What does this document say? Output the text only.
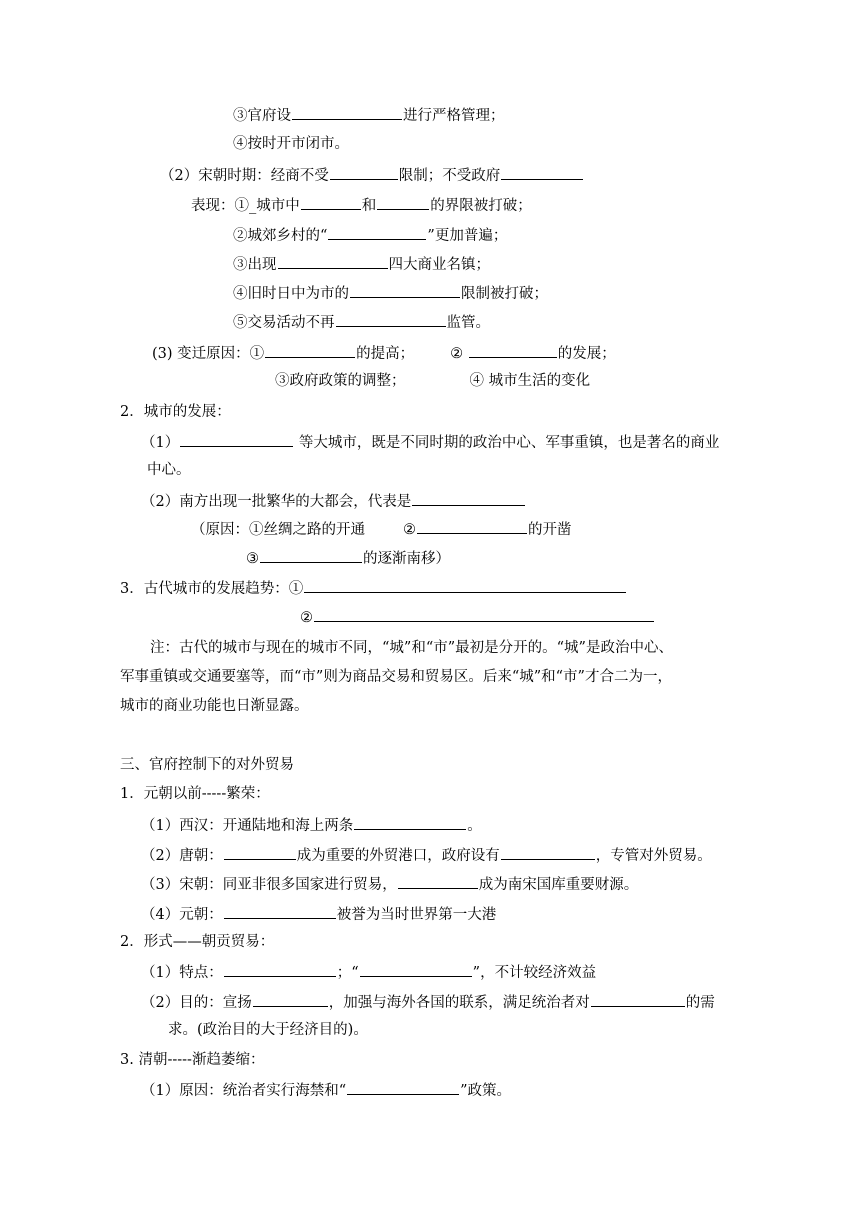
③官府设	进行严格管理；
④按时开市闭市。
（2）宋朝时期：经商不受	限制；不受政府
表现：①_城市中	和	的界限被打破；
②城郊乡村的“	”更加普遍；
③出现	四大商业名镇；
④旧时日中为市的	限制被打破；
⑤交易活动不再	监管。
(3) 变迁原因：①	的提高； ②	的发展；
③政府政策的调整；	④ 城市生活的变化
2．城市的发展：
（1）	等大城市，既是不同时期的政治中心、军事重镇，也是著名的商业
中心。
（2）南方出现一批繁华的大都会，代表是
（原因：①丝绸之路的开通	②	的开凿
③	的逐渐南移）
3．古代城市的发展趋势：①
②
注：古代的城市与现在的城市不同，“城”和“市”最初是分开的。“城”是政治中心、
军事重镇或交通要塞等，而“市”则为商品交易和贸易区。后来“城”和“市”才合二为一，
城市的商业功能也日渐显露。
三、官府控制下的对外贸易
1．元朝以前-----繁荣：
（1）西汉：开通陆地和海上两条	。
（2）唐朝：	成为重要的外贸港口，政府设有	，专管对外贸易。
（3）宋朝：同亚非很多国家进行贸易，	成为南宋国库重要财源。
（4）元朝：	被誉为当时世界第一大港
2．形式——朝贡贸易：
（1）特点：	；“	”，不计较经济效益
（2）目的：宣扬	，加强与海外各国的联系，满足统治者对	的需
求。(政治目的大于经济目的)。
3. 清朝-----渐趋萎缩：
（1）原因：统治者实行海禁和“	”政策。
